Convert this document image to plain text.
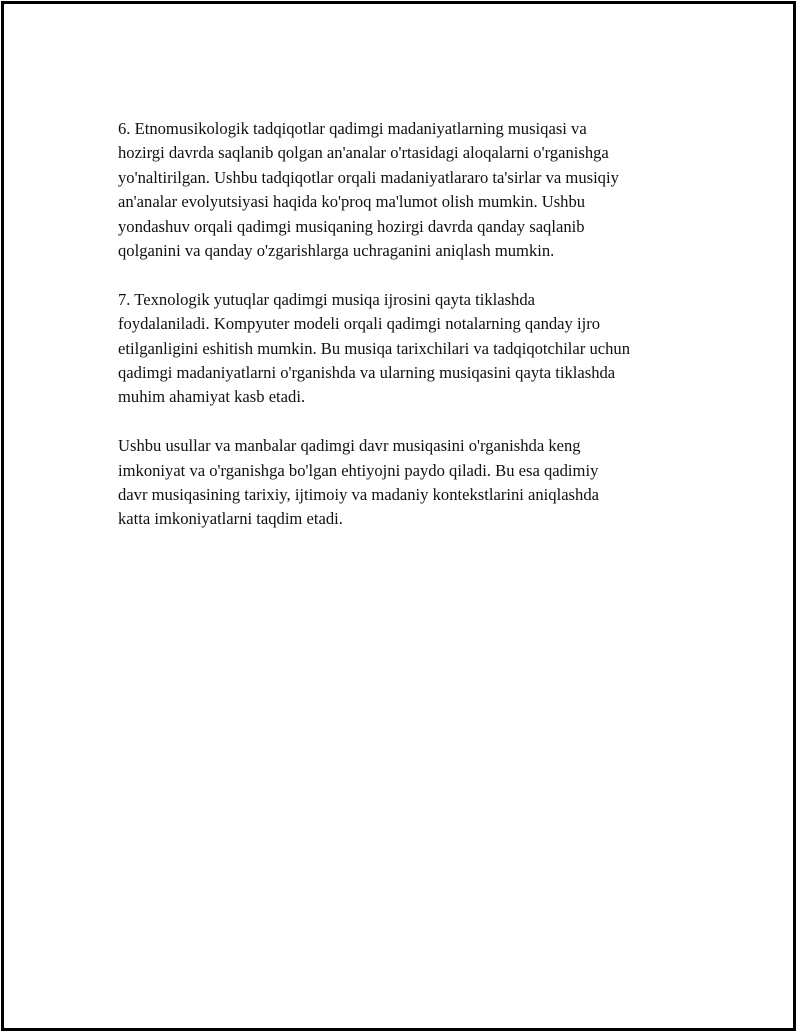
6. Etnomusikologik tadqiqotlar qadimgi madaniyatlarning musiqasi va
hozirgi davrda saqlanib qolgan an'analar o'rtasidagi aloqalarni o'rganishga
yo'naltirilgan. Ushbu tadqiqotlar orqali madaniyatlararo ta'sirlar va musiqiy
an'analar evolyutsiyasi haqida ko'proq ma'lumot olish mumkin. Ushbu
yondashuv orqali qadimgi musiqaning hozirgi davrda qanday saqlanib
qolganini va qanday o'zgarishlarga uchraganini aniqlash mumkin.

7. Texnologik yutuqlar qadimgi musiqa ijrosini qayta tiklashda
foydalaniladi. Kompyuter modeli orqali qadimgi notalarning qanday ijro
etilganligini eshitish mumkin. Bu musiqa tarixchilari va tadqiqotchilar uchun
qadimgi madaniyatlarni o'rganishda va ularning musiqasini qayta tiklashda
muhim ahamiyat kasb etadi.

Ushbu usullar va manbalar qadimgi davr musiqasini o'rganishda keng
imkoniyat va o'rganishga bo'lgan ehtiyojni paydo qiladi. Bu esa qadimiy
davr musiqasining tarixiy, ijtimoiy va madaniy kontekstlarini aniqlashda
katta imkoniyatlarni taqdim etadi.
